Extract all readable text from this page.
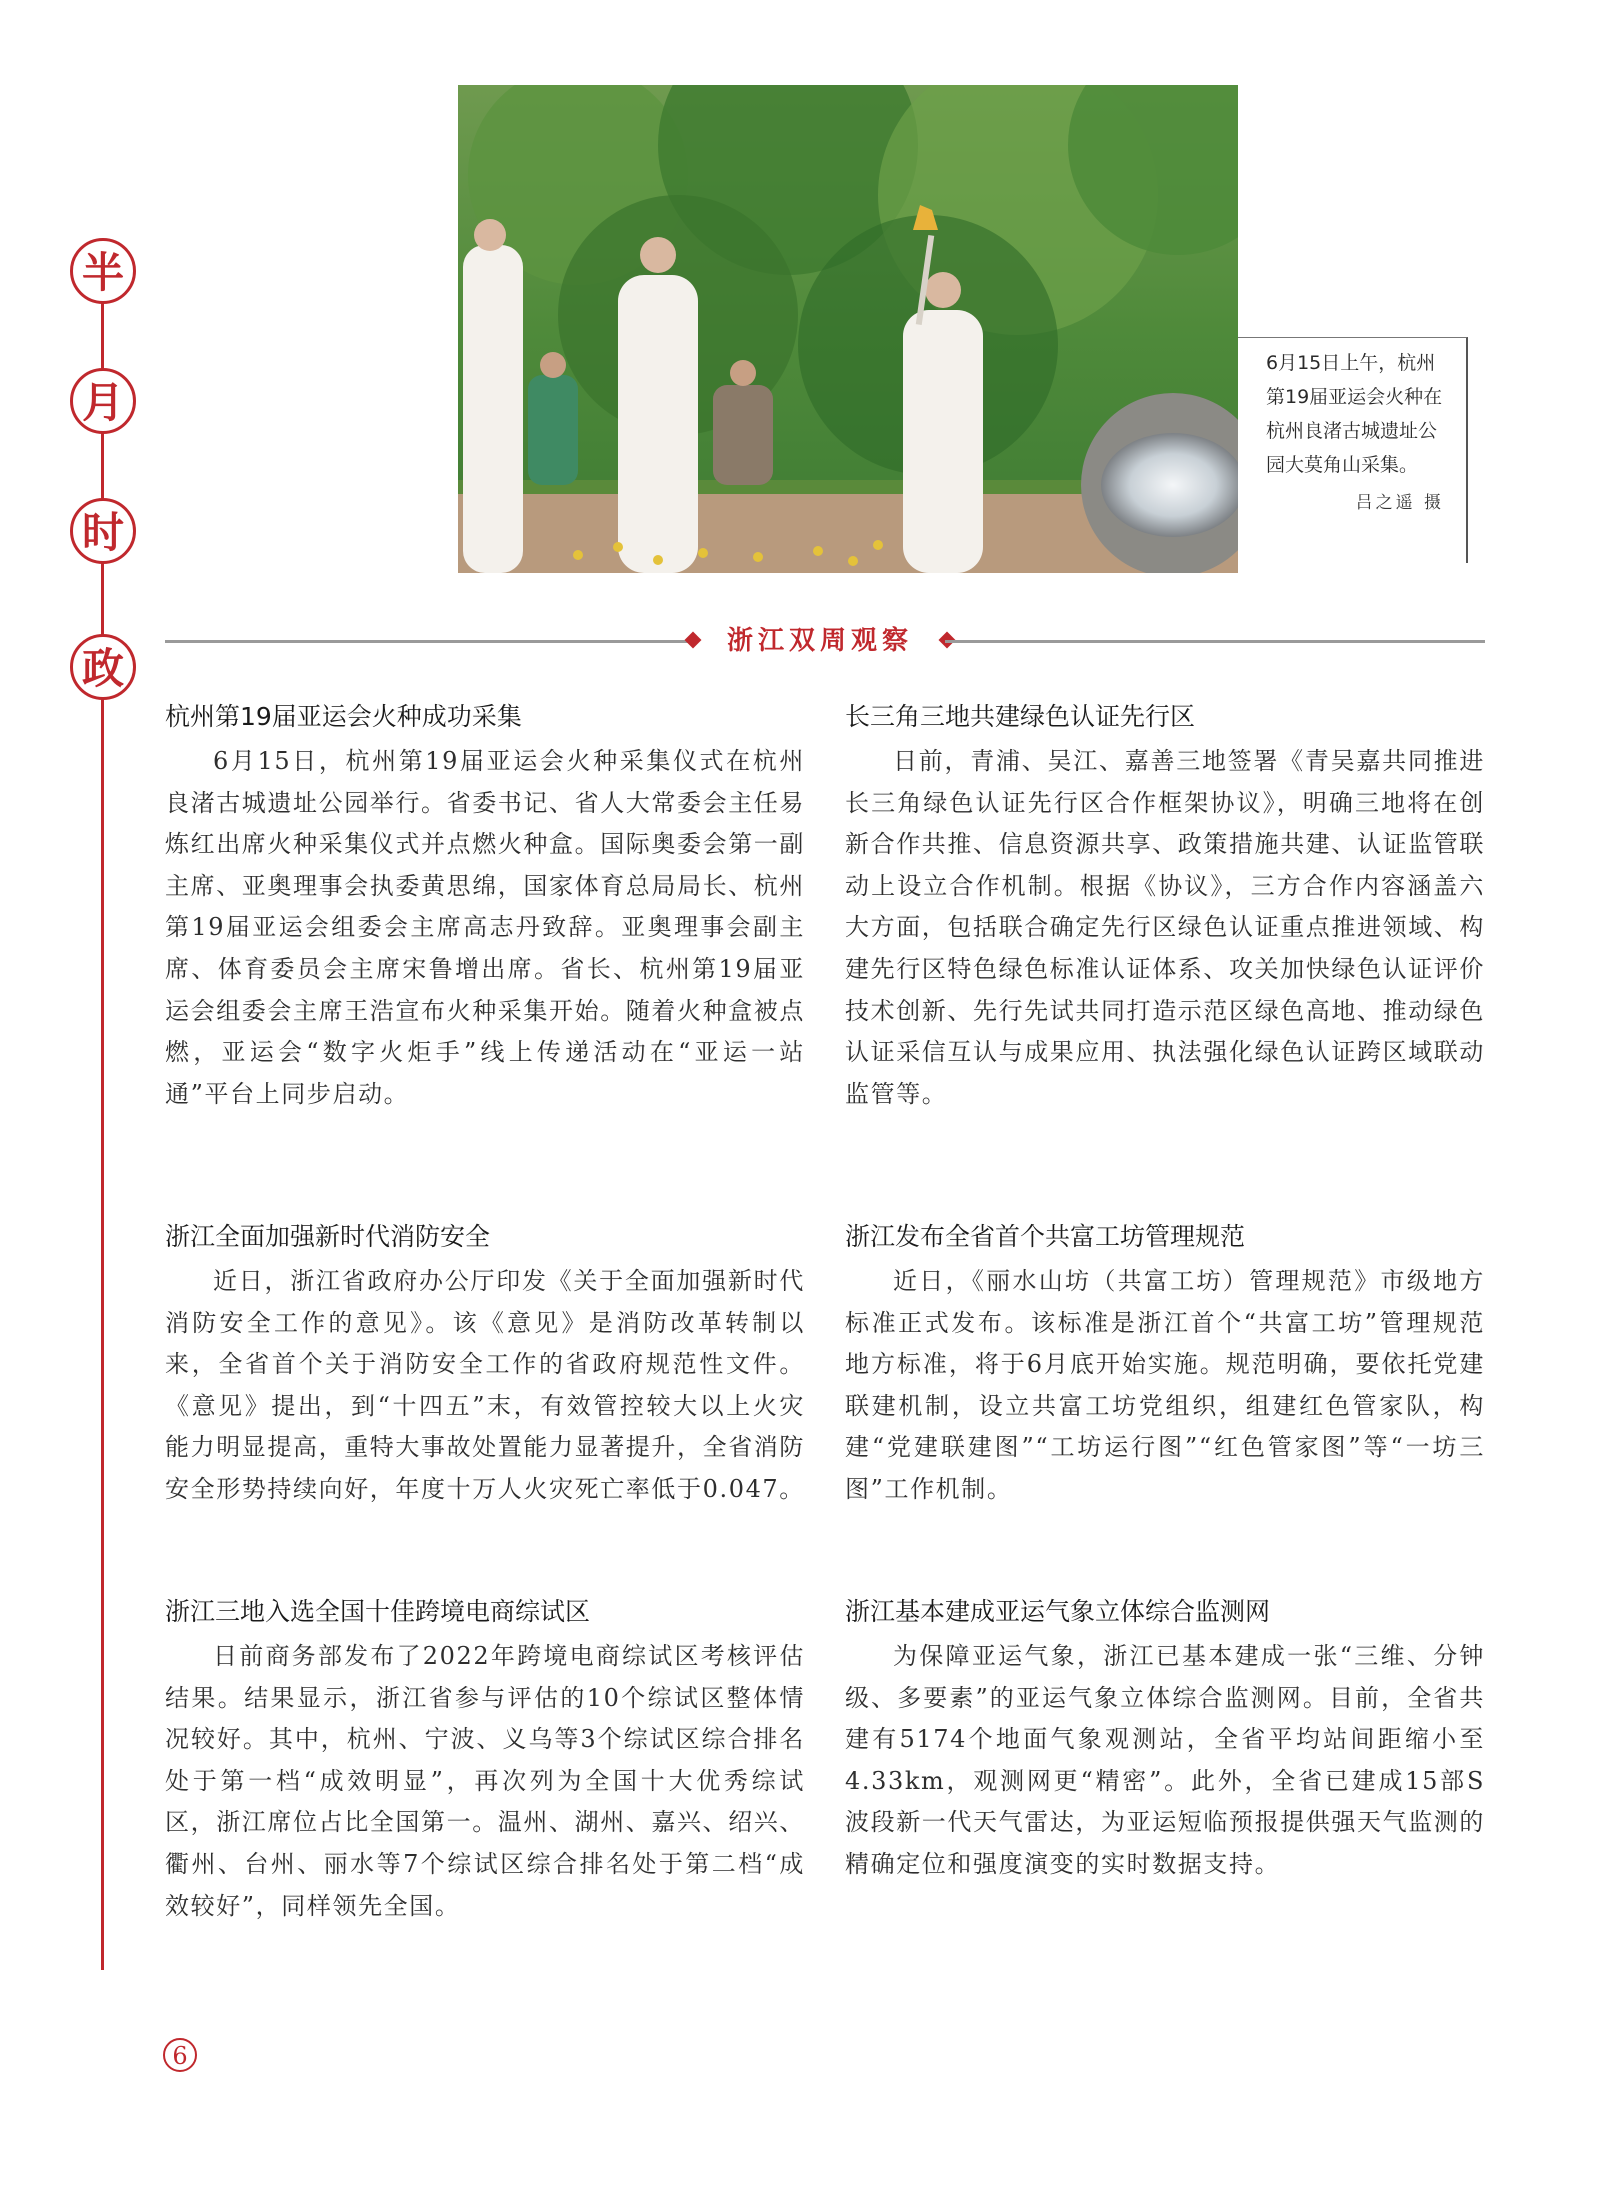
半
月
时
政
6月15日上午，杭州第19届亚运会火种在杭州良渚古城遗址公园大莫角山采集。
吕之遥 摄
浙江双周观察
杭州第19届亚运会火种成功采集
6月15日，杭州第19届亚运会火种采集仪式在杭州良渚古城遗址公园举行。省委书记、省人大常委会主任易炼红出席火种采集仪式并点燃火种盒。国际奥委会第一副主席、亚奥理事会执委黄思绵，国家体育总局局长、杭州第19届亚运会组委会主席高志丹致辞。亚奥理事会副主席、体育委员会主席宋鲁增出席。省长、杭州第19届亚运会组委会主席王浩宣布火种采集开始。随着火种盒被点燃，亚运会“数字火炬手”线上传递活动在“亚运一站通”平台上同步启动。
长三角三地共建绿色认证先行区
日前，青浦、吴江、嘉善三地签署《青吴嘉共同推进长三角绿色认证先行区合作框架协议》，明确三地将在创新合作共推、信息资源共享、政策措施共建、认证监管联动上设立合作机制。根据《协议》，三方合作内容涵盖六大方面，包括联合确定先行区绿色认证重点推进领域、构建先行区特色绿色标准认证体系、攻关加快绿色认证评价技术创新、先行先试共同打造示范区绿色高地、推动绿色认证采信互认与成果应用、执法强化绿色认证跨区域联动监管等。
浙江全面加强新时代消防安全
近日，浙江省政府办公厅印发《关于全面加强新时代消防安全工作的意见》。该《意见》是消防改革转制以来，全省首个关于消防安全工作的省政府规范性文件。《意见》提出，到“十四五”末，有效管控较大以上火灾能力明显提高，重特大事故处置能力显著提升，全省消防安全形势持续向好，年度十万人火灾死亡率低于0.047。
浙江发布全省首个共富工坊管理规范
近日，《丽水山坊（共富工坊）管理规范》市级地方标准正式发布。该标准是浙江首个“共富工坊”管理规范地方标准，将于6月底开始实施。规范明确，要依托党建联建机制，设立共富工坊党组织，组建红色管家队，构建“党建联建图”“工坊运行图”“红色管家图”等“一坊三图”工作机制。
浙江三地入选全国十佳跨境电商综试区
日前商务部发布了2022年跨境电商综试区考核评估结果。结果显示，浙江省参与评估的10个综试区整体情况较好。其中，杭州、宁波、义乌等3个综试区综合排名处于第一档“成效明显”，再次列为全国十大优秀综试区，浙江席位占比全国第一。温州、湖州、嘉兴、绍兴、衢州、台州、丽水等7个综试区综合排名处于第二档“成效较好”，同样领先全国。
浙江基本建成亚运气象立体综合监测网
为保障亚运气象，浙江已基本建成一张“三维、分钟级、多要素”的亚运气象立体综合监测网。目前，全省共建有5174个地面气象观测站，全省平均站间距缩小至4.33km，观测网更“精密”。此外，全省已建成15部S波段新一代天气雷达，为亚运短临预报提供强天气监测的精确定位和强度演变的实时数据支持。
6
